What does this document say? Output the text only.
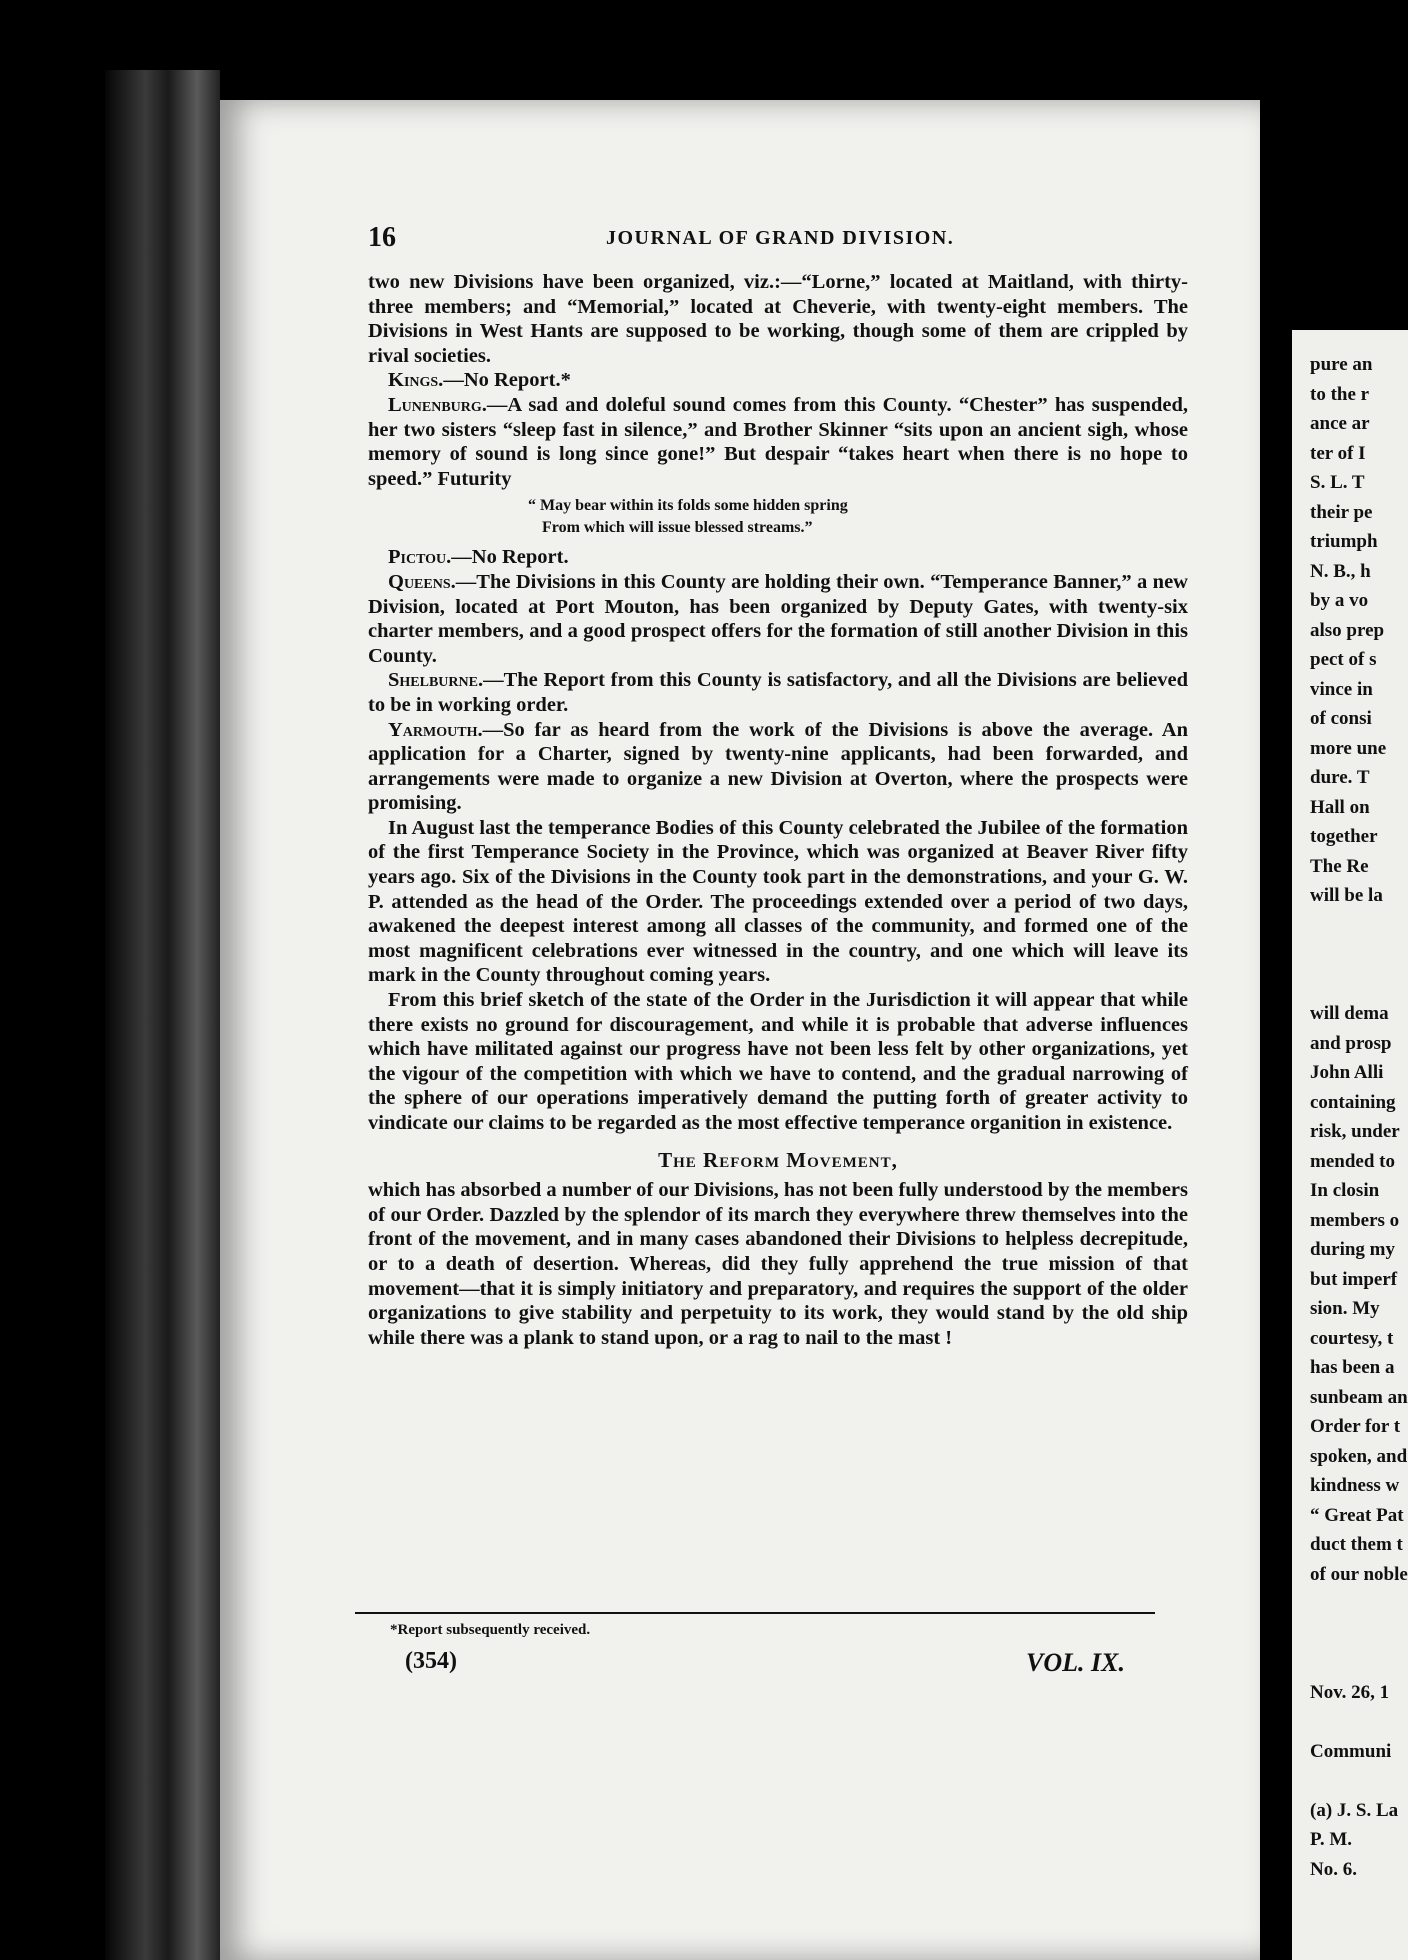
16	JOURNAL OF GRAND DIVISION.

two new Divisions have been organized, viz.:—“Lorne,” located at Maitland, with thirty-three members; and “Memorial,” located at Cheverie, with twenty-eight members. The Divisions in West Hants are supposed to be working, though some of them are crippled by rival societies.

Kings.—No Report.*

Lunenburg.—A sad and doleful sound comes from this County. “Chester” has suspended, her two sisters “sleep fast in silence,” and Brother Skinner “sits upon an ancient sigh, whose memory of sound is long since gone!” But despair “takes heart when there is no hope to speed.” Futurity

“ May bear within its folds some hidden spring
From which will issue blessed streams.”

Pictou.—No Report.

Queens.—The Divisions in this County are holding their own. “Temperance Banner,” a new Division, located at Port Mouton, has been organized by Deputy Gates, with twenty-six charter members, and a good prospect offers for the formation of still another Division in this County.

Shelburne.—The Report from this County is satisfactory, and all the Divisions are believed to be in working order.

Yarmouth.—So far as heard from the work of the Divisions is above the average. An application for a Charter, signed by twenty-nine applicants, had been forwarded, and arrangements were made to organize a new Division at Overton, where the prospects were promising.

In August last the temperance Bodies of this County celebrated the Jubilee of the formation of the first Temperance Society in the Province, which was organized at Beaver River fifty years ago. Six of the Divisions in the County took part in the demonstrations, and your G. W. P. attended as the head of the Order. The proceedings extended over a period of two days, awakened the deepest interest among all classes of the community, and formed one of the most magnificent celebrations ever witnessed in the country, and one which will leave its mark in the County throughout coming years.

From this brief sketch of the state of the Order in the Jurisdiction it will appear that while there exists no ground for discouragement, and while it is probable that adverse influences which have militated against our progress have not been less felt by other organizations, yet the vigour of the competition with which we have to contend, and the gradual narrowing of the sphere of our operations imperatively demand the putting forth of greater activity to vindicate our claims to be regarded as the most effective temperance organition in existence.

The Reform Movement,

which has absorbed a number of our Divisions, has not been fully understood by the members of our Order. Dazzled by the splendor of its march they everywhere threw themselves into the front of the movement, and in many cases abandoned their Divisions to helpless decrepitude, or to a death of desertion. Whereas, did they fully apprehend the true mission of that movement—that it is simply initiatory and preparatory, and requires the support of the older organizations to give stability and perpetuity to its work, they would stand by the old ship while there was a plank to stand upon, or a rag to nail to the mast !

pure an
to the r
ance ar
ter of I
S. L. T
their pe
triumph
N. B., h
by a vo
also prep
pect of s
vince in
of consi
more une
dure. T
Hall on
together
The Re
will be la
will dema
and prosp
John Alli
containing
risk, under
mended to
In closin
members o
during my
but imperf
sion. My
courtesy, t
has been a
sunbeam an
Order for t
spoken, and
kindness w
“ Great Pat
duct them t
of our noble
Nov. 26, 1
Communi
(a) J. S. La
P. M.
No. 6.
*Report subsequently received.
(354)	VOL. IX.
